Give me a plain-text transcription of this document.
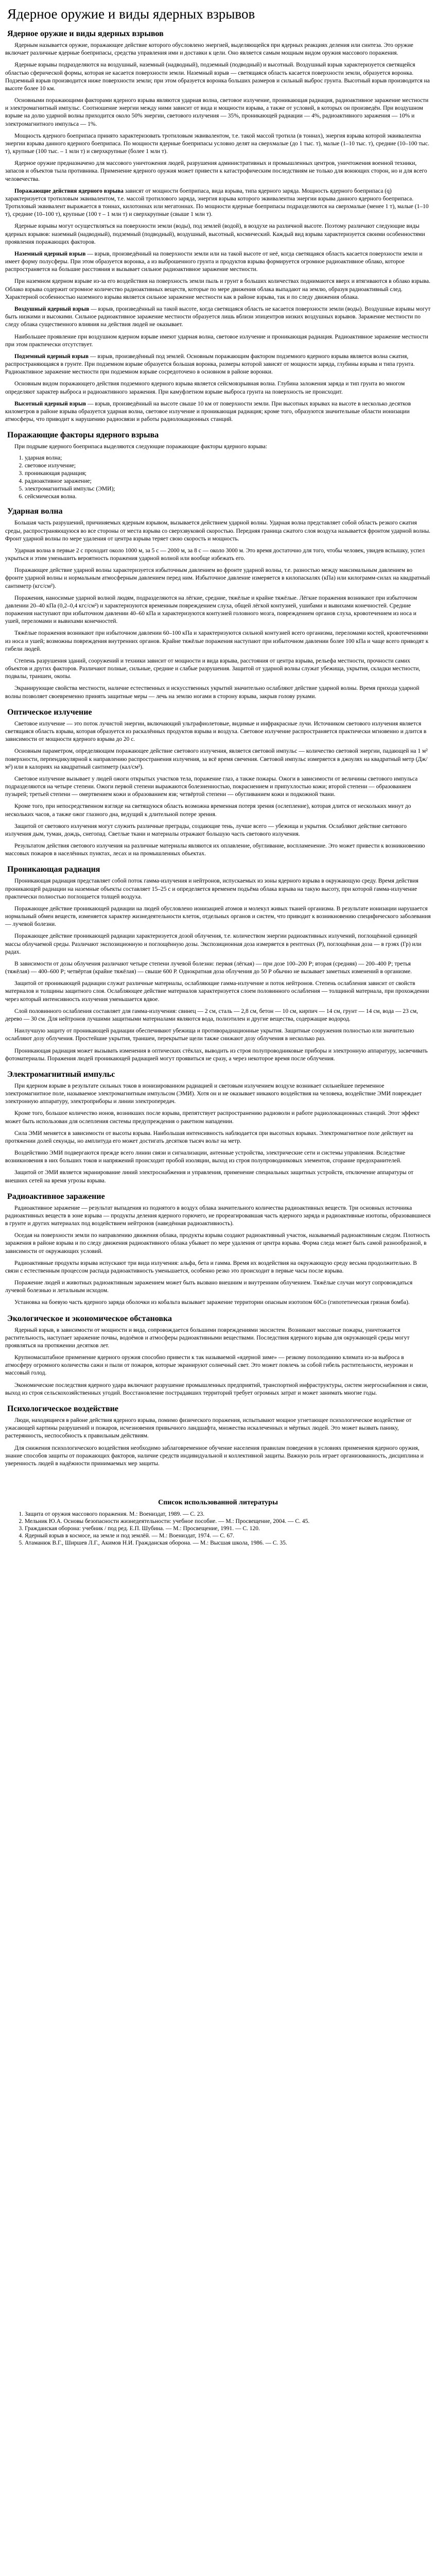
Ядерное оружие и виды ядерных взрывов
Ядерное оружие и виды ядерных взрывов

Ядерным называется оружие, поражающее действие которого обусловлено энергией, выделяющейся при ядерных реакциях деления или синтеза. Это оружие включает различные ядерные боеприпасы, средства управления ими и доставки к цели. Оно является самым мощным видом оружия массового поражения.

Ядерные взрывы подразделяются на воздушный, наземный (надводный), подземный (подводный) и высотный. Воздушный взрыв характеризуется светящейся областью сферической формы, которая не касается поверхности земли. Наземный взрыв — светящаяся область касается поверхности земли, образуется воронка. Подземный взрыв производится ниже поверхности земли; при этом образуется воронка больших размеров и сильный выброс грунта. Высотный взрыв производится на высоте более 10 км.

Основными поражающими факторами ядерного взрыва являются ударная волна, световое излучение, проникающая радиация, радиоактивное заражение местности и электромагнитный импульс. Соотношение энергии между ними зависит от вида и мощности взрыва, а также от условий, в которых он произведён. При воздушном взрыве на долю ударной волны приходится около 50% энергии, светового излучения — 35%, проникающей радиации — 4%, радиоактивного заражения — 10% и электромагнитного импульса — 1%.

Мощность ядерного боеприпаса принято характеризовать тротиловым эквивалентом, т.е. такой массой тротила (в тоннах), энергия взрыва которой эквивалентна энергии взрыва данного ядерного боеприпаса. По мощности ядерные боеприпасы условно делят на сверхмалые (до 1 тыс. т), малые (1–10 тыс. т), средние (10–100 тыс. т), крупные (100 тыс. – 1 млн т) и сверхкрупные (более 1 млн т).

Ядерное оружие предназначено для массового уничтожения людей, разрушения административных и промышленных центров, уничтожения военной техники, запасов и объектов тыла противника. Применение ядерного оружия может привести к катастрофическим последствиям не только для воюющих сторон, но и для всего человечества.

Поражающие действия ядерного взрыва зависят от мощности боеприпаса, вида взрыва, типа ядерного заряда. Мощность ядерного боеприпаса (q) характеризуется тротиловым эквивалентом, т.е. массой тротилового заряда, энергия взрыва которого эквивалентна энергии взрыва данного ядерного боеприпаса. Тротиловый эквивалент выражается в тоннах, килотоннах или мегатоннах. По мощности ядерные боеприпасы подразделяются на сверхмалые (менее 1 т), малые (1–10 т), средние (10–100 т), крупные (100 т – 1 млн т) и сверхкрупные (свыше 1 млн т).

Ядерные взрывы могут осуществляться на поверхности земли (воды), под землей (водой), в воздухе на различной высоте. Поэтому различают следующие виды ядерных взрывов: наземный (надводный), подземный (подводный), воздушный, высотный, космический. Каждый вид взрыва характеризуется своими особенностями проявления поражающих факторов.

Наземный ядерный взрыв — взрыв, произведённый на поверхности земли или на такой высоте от неё, когда светящаяся область касается поверхности земли и имеет форму полусферы. При этом образуется воронка, а из выброшенного грунта и продуктов взрыва формируется огромное радиоактивное облако, которое распространяется на большие расстояния и вызывает сильное радиоактивное заражение местности.

При наземном ядерном взрыве из-за его воздействия на поверхность земли пыль и грунт в больших количествах поднимаются вверх и втягиваются в облако взрыва. Облако взрыва содержит огромное количество радиоактивных веществ, которые по мере движения облака выпадают на землю, образуя радиоактивный след. Характерной особенностью наземного взрыва является сильное заражение местности как в районе взрыва, так и по следу движения облака.

Воздушный ядерный взрыв — взрыв, произведённый на такой высоте, когда светящаяся область не касается поверхности земли (воды). Воздушные взрывы могут быть низкими и высокими. Сильное радиоактивное заражение местности образуется лишь вблизи эпицентров низких воздушных взрывов. Заражение местности по следу облака существенного влияния на действия людей не оказывает.

Наибольшее проявление при воздушном ядерном взрыве имеют ударная волна, световое излучение и проникающая радиация. Радиоактивное заражение местности при этом практически отсутствует.

Подземный ядерный взрыв — взрыв, произведённый под землей. Основным поражающим фактором подземного ядерного взрыва является волна сжатия, распространяющаяся в грунте. При подземном взрыве образуется большая воронка, размеры которой зависят от мощности заряда, глубины взрыва и типа грунта. Радиоактивное заражение местности при подземном взрыве сосредоточено в основном в районе воронки.

Основным видом поражающего действия подземного ядерного взрыва является сейсмовзрывная волна. Глубина заложения заряда и тип грунта во многом определяют характер выброса и радиоактивного заражения. При камуфлетном взрыве выброса грунта на поверхность не происходит.

Высотный ядерный взрыв — взрыв, произведённый на высоте свыше 10 км от поверхности земли. При высотных взрывах на высоте в несколько десятков километров в районе взрыва образуется ударная волна, световое излучение и проникающая радиация; кроме того, образуются значительные области ионизации атмосферы, что приводит к нарушению радиосвязи и работы радиолокационных станций.

Поражающие факторы ядерного взрыва

При подрыве ядерного боеприпаса выделяются следующие поражающие факторы ядерного взрыва:

1. ударная волна;
2. световое излучение;
3. проникающая радиация;
4. радиоактивное заражение;
5. электромагнитный импульс (ЭМИ);
6. сейсмическая волна.
Ударная волна

Большая часть разрушений, причиняемых ядерным взрывом, вызывается действием ударной волны. Ударная волна представляет собой область резкого сжатия среды, распространяющуюся во все стороны от места взрыва со сверхзвуковой скоростью. Передняя граница сжатого слоя воздуха называется фронтом ударной волны. Фронт ударной волны по мере удаления от центра взрыва теряет свою скорость и мощность.

Ударная волна в первые 2 с проходит около 1000 м, за 5 с — 2000 м, за 8 с — около 3000 м. Это время достаточно для того, чтобы человек, увидев вспышку, успел укрыться и этим уменьшить вероятность поражения ударной волной или вообще избежать его.

Поражающее действие ударной волны характеризуется избыточным давлением во фронте ударной волны, т.е. разностью между максимальным давлением во фронте ударной волны и нормальным атмосферным давлением перед ним. Избыточное давление измеряется в килопаскалях (кПа) или килограмм-силах на квадратный сантиметр (кгс/см²).

Поражения, наносимые ударной волной людям, подразделяются на лёгкие, средние, тяжёлые и крайне тяжёлые. Лёгкие поражения возникают при избыточном давлении 20–40 кПа (0,2–0,4 кгс/см²) и характеризуются временным повреждением слуха, общей лёгкой контузией, ушибами и вывихами конечностей. Средние поражения наступают при избыточном давлении 40–60 кПа и характеризуются контузией головного мозга, повреждением органов слуха, кровотечением из носа и ушей, переломами и вывихами конечностей.

Тяжёлые поражения возникают при избыточном давлении 60–100 кПа и характеризуются сильной контузией всего организма, переломами костей, кровотечениями из носа и ушей; возможны повреждения внутренних органов. Крайне тяжёлые поражения наступают при избыточном давлении более 100 кПа и чаще всего приводят к гибели людей.

Степень разрушения зданий, сооружений и техники зависит от мощности и вида взрыва, расстояния от центра взрыва, рельефа местности, прочности самих объектов и других факторов. Различают полные, сильные, средние и слабые разрушения. Защитой от ударной волны служат убежища, укрытия, складки местности, подвалы, траншеи, окопы.

Экранирующие свойства местности, наличие естественных и искусственных укрытий значительно ослабляют действие ударной волны. Время прихода ударной волны позволяет своевременно принять защитные меры — лечь на землю ногами в сторону взрыва, закрыв голову руками.

Оптическое излучение

Световое излучение — это поток лучистой энергии, включающий ультрафиолетовые, видимые и инфракрасные лучи. Источником светового излучения является светящаяся область взрыва, которая образуется из раскалённых продуктов взрыва и воздуха. Световое излучение распространяется практически мгновенно и длится в зависимости от мощности ядерного взрыва до 20 с.

Основным параметром, определяющим поражающее действие светового излучения, является световой импульс — количество световой энергии, падающей на 1 м² поверхности, перпендикулярной к направлению распространения излучения, за всё время свечения. Световой импульс измеряется в джоулях на квадратный метр (Дж/м²) или в калориях на квадратный сантиметр (кал/см²).

Световое излучение вызывает у людей ожоги открытых участков тела, поражение глаз, а также пожары. Ожоги в зависимости от величины светового импульса подразделяются на четыре степени. Ожоги первой степени выражаются болезненностью, покраснением и припухлостью кожи; второй степени — образованием пузырей; третьей степени — омертвением кожи и образованием язв; четвёртой степени — обугливанием кожи и подкожной ткани.

Кроме того, при непосредственном взгляде на светящуюся область возможна временная потеря зрения (ослепление), которая длится от нескольких минут до нескольких часов, а также ожог глазного дна, ведущий к длительной потере зрения.

Защитой от светового излучения могут служить различные преграды, создающие тень, лучше всего — убежища и укрытия. Ослабляют действие светового излучения дым, туман, дождь, снегопад. Светлые ткани и материалы отражают большую часть светового излучения.

Результатом действия светового излучения на различные материалы являются их оплавление, обугливание, воспламенение. Это может привести к возникновению массовых пожаров в населённых пунктах, лесах и на промышленных объектах.

Проникающая радиация

Проникающая радиация представляет собой поток гамма-излучения и нейтронов, испускаемых из зоны ядерного взрыва в окружающую среду. Время действия проникающей радиации на наземные объекты составляет 15–25 с и определяется временем подъёма облака взрыва на такую высоту, при которой гамма-излучение практически полностью поглощается толщей воздуха.

Поражающее действие проникающей радиации на людей обусловлено ионизацией атомов и молекул живых тканей организма. В результате ионизации нарушается нормальный обмен веществ, изменяется характер жизнедеятельности клеток, отдельных органов и систем, что приводит к возникновению специфического заболевания — лучевой болезни.

Поражающее действие проникающей радиации характеризуется дозой облучения, т.е. количеством энергии радиоактивных излучений, поглощённой единицей массы облучаемой среды. Различают экспозиционную и поглощённую дозы. Экспозиционная доза измеряется в рентгенах (Р), поглощённая доза — в грэях (Гр) или радах.

В зависимости от дозы облучения различают четыре степени лучевой болезни: первая (лёгкая) — при дозе 100–200 Р; вторая (средняя) — 200–400 Р; третья (тяжёлая) — 400–600 Р; четвёртая (крайне тяжёлая) — свыше 600 Р. Однократная доза облучения до 50 Р обычно не вызывает заметных изменений в организме.

Защитой от проникающей радиации служат различные материалы, ослабляющие гамма-излучение и поток нейтронов. Степень ослабления зависит от свойств материалов и толщины защитного слоя. Ослабляющее действие материалов характеризуется слоем половинного ослабления — толщиной материала, при прохождении через который интенсивность излучения уменьшается вдвое.

Слой половинного ослабления составляет для гамма-излучения: свинец — 2 см, сталь — 2,8 см, бетон — 10 см, кирпич — 14 см, грунт — 14 см, вода — 23 см, дерево — 30 см. Для нейтронов лучшими защитными материалами являются вода, полиэтилен и другие вещества, содержащие водород.

Наилучшую защиту от проникающей радиации обеспечивают убежища и противорадиационные укрытия. Защитные сооружения полностью или значительно ослабляют дозу облучения. Простейшие укрытия, траншеи, перекрытые щели также снижают дозу облучения в несколько раз.

Проникающая радиация может вызывать изменения в оптических стёклах, выводить из строя полупроводниковые приборы и электронную аппаратуру, засвечивать фотоматериалы. Поражения людей проникающей радиацией могут проявиться не сразу, а через некоторое время после облучения.

Электромагнитный импульс

При ядерном взрыве в результате сильных токов в ионизированном радиацией и световым излучением воздухе возникает сильнейшее переменное электромагнитное поле, называемое электромагнитным импульсом (ЭМИ). Хотя он и не оказывает никакого воздействия на человека, воздействие ЭМИ повреждает электронную аппаратуру, электроприборы и линии электропередач.

Кроме того, большое количество ионов, возникших после взрыва, препятствует распространению радиоволн и работе радиолокационных станций. Этот эффект может быть использован для ослепления системы предупреждения о ракетном нападении.

Сила ЭМИ меняется в зависимости от высоты взрыва. Наибольшая интенсивность наблюдается при высотных взрывах. Электромагнитное поле действует на протяжении долей секунды, но амплитуда его может достигать десятков тысяч вольт на метр.

Воздействию ЭМИ подвергаются прежде всего линии связи и сигнализации, антенные устройства, электрические сети и системы управления. Вследствие возникновения в них больших токов и напряжений происходит пробой изоляции, выход из строя полупроводниковых элементов, сгорание предохранителей.

Защитой от ЭМИ является экранирование линий электроснабжения и управления, применение специальных защитных устройств, отключение аппаратуры от внешних сетей на время угрозы взрыва.

Радиоактивное заражение

Радиоактивное заражение — результат выпадения из поднятого в воздух облака значительного количества радиоактивных веществ. Три основных источника радиоактивных веществ в зоне взрыва — продукты деления ядерного горючего, не прореагировавшая часть ядерного заряда и радиоактивные изотопы, образовавшиеся в грунте и других материалах под воздействием нейтронов (наведённая радиоактивность).

Оседая на поверхности земли по направлению движения облака, продукты взрыва создают радиоактивный участок, называемый радиоактивным следом. Плотность заражения в районе взрыва и по следу движения радиоактивного облака убывает по мере удаления от центра взрыва. Форма следа может быть самой разнообразной, в зависимости от окружающих условий.

Радиоактивные продукты взрыва испускают три вида излучения: альфа, бета и гамма. Время их воздействия на окружающую среду весьма продолжительно. В связи с естественным процессом распада радиоактивность уменьшается, особенно резко это происходит в первые часы после взрыва.

Поражение людей и животных радиоактивным заражением может быть вызвано внешним и внутренним облучением. Тяжёлые случаи могут сопровождаться лучевой болезнью и летальным исходом.

Установка на боевую часть ядерного заряда оболочки из кобальта вызывает заражение территории опасным изотопом 60Co (гипотетическая грязная бомба).

Экологическое и экономическое обстановка

Ядерный взрыв, в зависимости от мощности и вида, сопровождается большими повреждениями экосистем. Возникают массовые пожары, уничтожается растительность, наступает заражение почвы, водоёмов и атмосферы радиоактивными веществами. Последствия ядерного взрыва для окружающей среды могут проявляться на протяжении десятков лет.

Крупномасштабное применение ядерного оружия способно привести к так называемой «ядерной зиме» — резкому похолоданию климата из-за выброса в атмосферу огромного количества сажи и пыли от пожаров, которые экранируют солнечный свет. Это может повлечь за собой гибель растительности, неурожаи и массовый голод.

Экономические последствия ядерного удара включают разрушение промышленных предприятий, транспортной инфраструктуры, систем энергоснабжения и связи, выход из строя сельскохозяйственных угодий. Восстановление пострадавших территорий требует огромных затрат и может занимать многие годы.

Психологическое воздействие

Люди, находящиеся в районе действия ядерного взрыва, помимо физического поражения, испытывают мощное угнетающее психологическое воздействие от ужасающей картины разрушений и пожаров, исчезновения привычного ландшафта, множества искалеченных и мёртвых людей. Это может вызвать панику, растерянность, неспособность к правильным действиям.

Для снижения психологического воздействия необходимо заблаговременное обучение населения правилам поведения в условиях применения ядерного оружия, знание способов защиты от поражающих факторов, наличие средств индивидуальной и коллективной защиты. Важную роль играет организованность, дисциплина и уверенность людей в надёжности принимаемых мер защиты.

Список использованной литературы
1. Защита от оружия массового поражения. М.: Воениздат, 1989. — С. 23.
2. Мельник Ю.А. Основы безопасности жизнедеятельности: учебное пособие. — М.: Просвещение, 2004. — С. 45.
3. Гражданская оборона: учебник / под ред. Е.П. Шубина. — М.: Просвещение, 1991. — С. 120.
4. Ядерный взрыв в космосе, на земле и под землёй. — М.: Воениздат, 1974. — С. 67.
5. Атаманюк В.Г., Ширшев Л.Г., Акимов Н.И. Гражданская оборона. — М.: Высшая школа, 1986. — С. 35.
